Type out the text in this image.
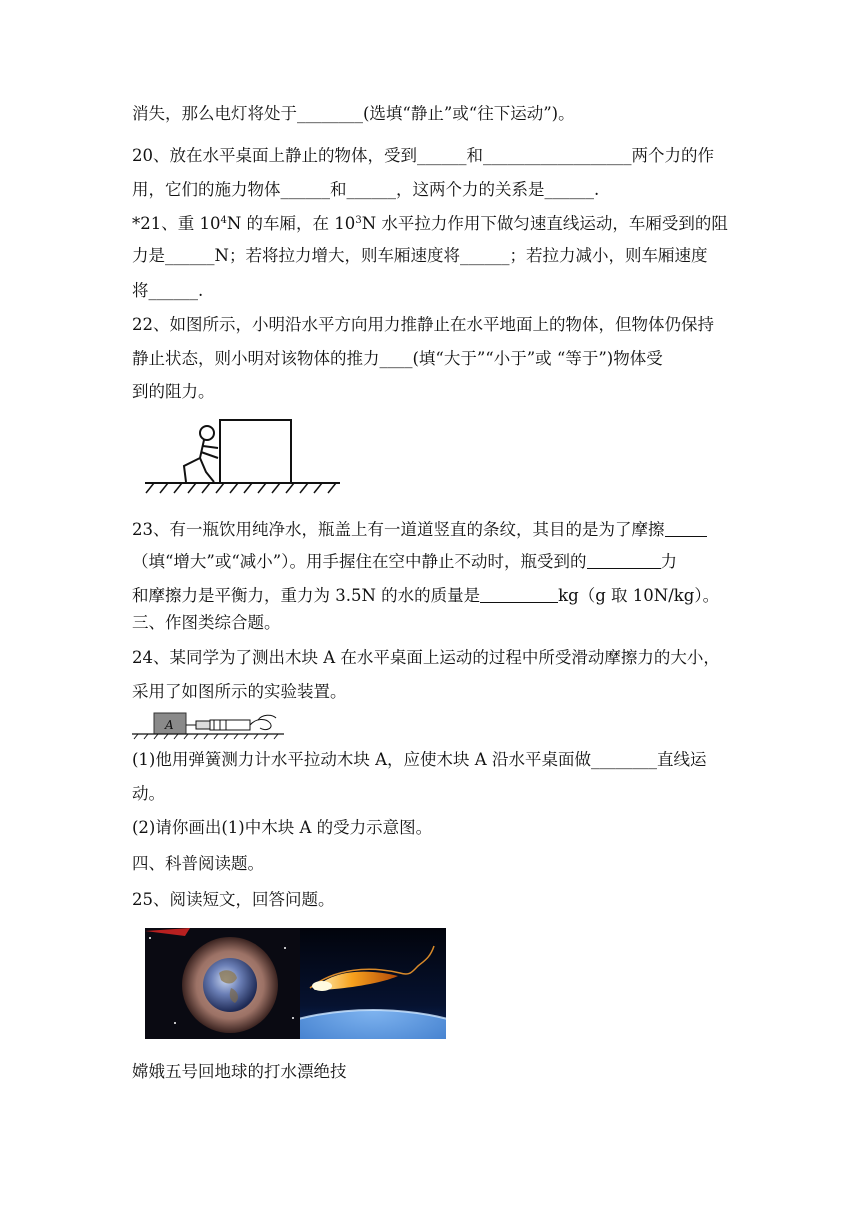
消失，那么电灯将处于________(选填“静止”或“往下运动”)。
20、放在水平桌面上静止的物体，受到______和__________________两个力的作
用，它们的施力物体______和______，这两个力的关系是______.
*21、重 $10^4N$ 的车厢，在 $10^3N$ 水平拉力作用下做匀速直线运动，车厢受到的阻
力是______N；若将拉力增大，则车厢速度将______；若拉力减小，则车厢速度
将______.
22、如图所示，小明沿水平方向用力推静止在水平地面上的物体，但物体仍保持
静止状态，则小明对该物体的推力____(填“大于”“小于”或 “等于”)物体受
到的阻力。
23、有一瓶饮用纯净水，瓶盖上有一道道竖直的条纹，其目的是为了摩擦
（填“增大”或“减小”）。用手握住在空中静止不动时，瓶受到的	力
和摩擦力是平衡力，重力为 3.5N 的水的质量是	kg（g 取 10N/kg）。
三、作图类综合题。
24、某同学为了测出木块 A 在水平桌面上运动的过程中所受滑动摩擦力的大小，
采用了如图所示的实验装置。
A
(1)他用弹簧测力计水平拉动木块 A，应使木块 A 沿水平桌面做________直线运
动。
(2)请你画出(1)中木块 A 的受力示意图。
四、科普阅读题。
25、阅读短文，回答问题。
嫦娥五号回地球的打水漂绝技
